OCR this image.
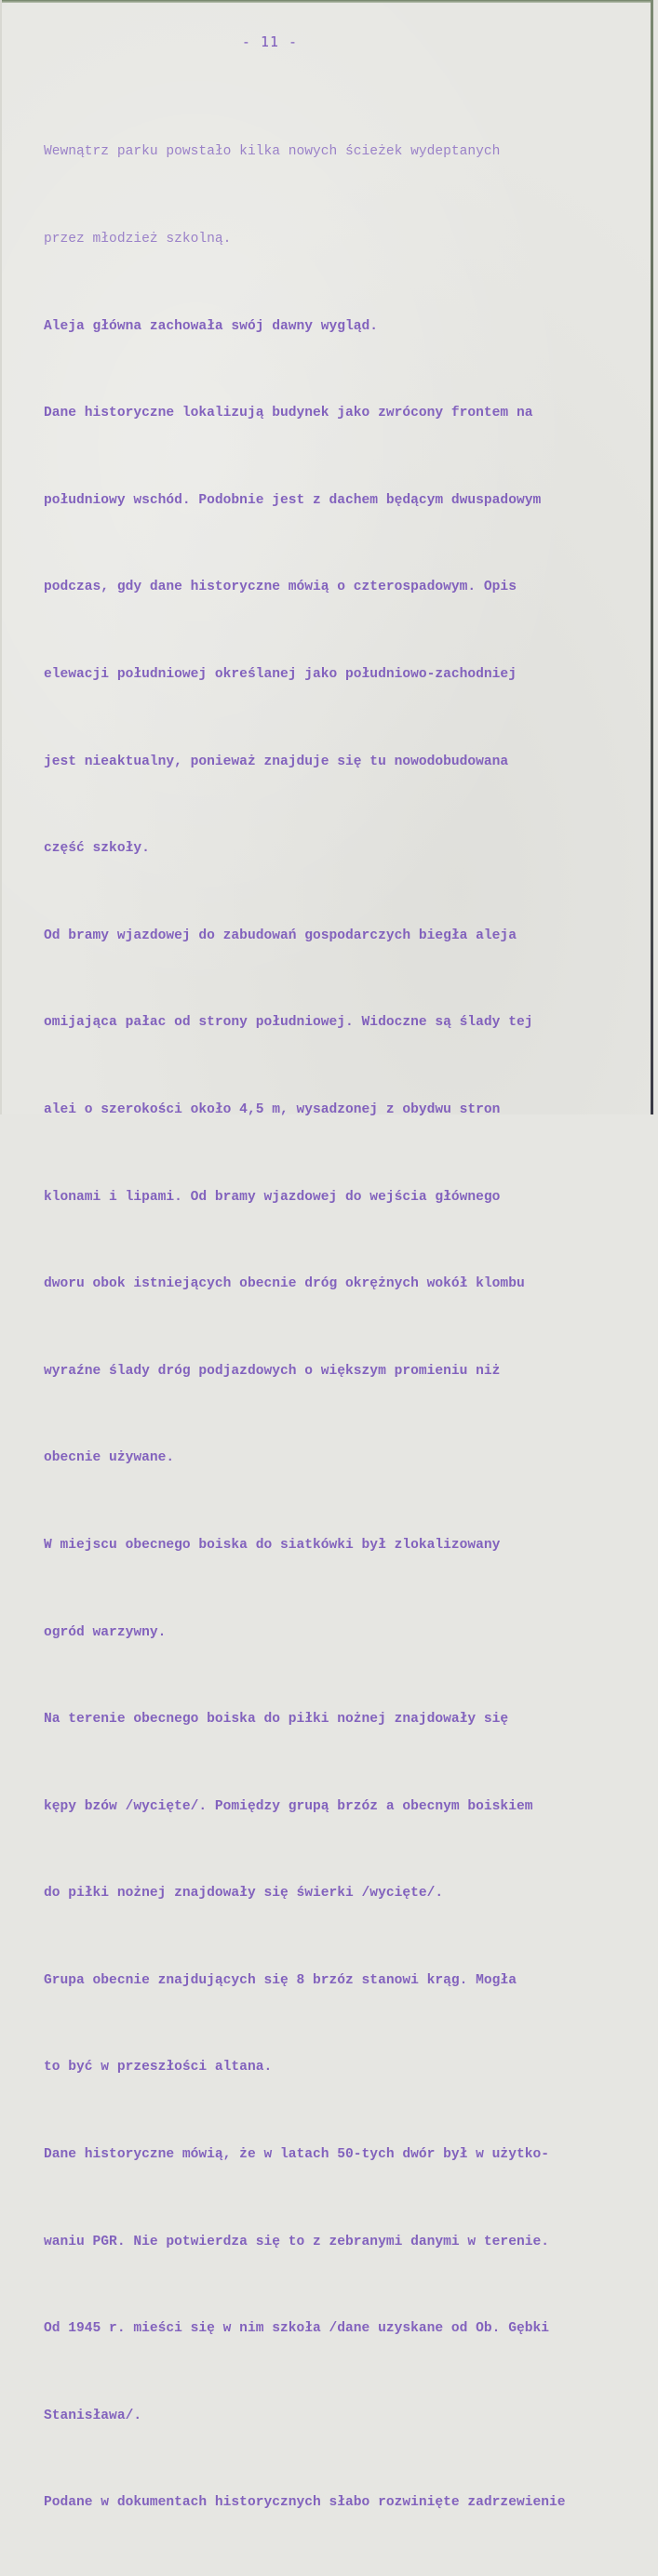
- 11 -

Wewnątrz parku powstało kilka nowych ścieżek wydeptanych

przez młodzież szkolną.

Aleja główna zachowała swój dawny wygląd.

Dane historyczne lokalizują budynek jako zwrócony frontem na

południowy wschód. Podobnie jest z dachem będącym dwuspadowym

podczas, gdy dane historyczne mówią o czterospadowym. Opis

elewacji południowej określanej jako południowo-zachodniej

jest nieaktualny, ponieważ znajduje się tu nowodobudowana

część szkoły.

Od bramy wjazdowej do zabudowań gospodarczych biegła aleja

omijająca pałac od strony południowej. Widoczne są ślady tej

alei o szerokości około 4,5 m, wysadzonej z obydwu stron

klonami i lipami. Od bramy wjazdowej do wejścia głównego

dworu obok istniejących obecnie dróg okrężnych wokół klombu

wyraźne ślady dróg podjazdowych o większym promieniu niż

obecnie używane.

W miejscu obecnego boiska do siatkówki był zlokalizowany

ogród warzywny.

Na terenie obecnego boiska do piłki nożnej znajdowały się

kępy bzów /wycięte/. Pomiędzy grupą brzóz a obecnym boiskiem

do piłki nożnej znajdowały się świerki /wycięte/.

Grupa obecnie znajdujących się 8 brzóz stanowi krąg. Mogła

to być w przeszłości altana.

Dane historyczne mówią, że w latach 50-tych dwór był w użytko-

waniu PGR. Nie potwierdza się to z zebranymi danymi w terenie.

Od 1945 r. mieści się w nim szkoła /dane uzyskane od Ob. Gębki

Stanisława/.

Podane w dokumentach historycznych słabo rozwinięte zadrzewienie
